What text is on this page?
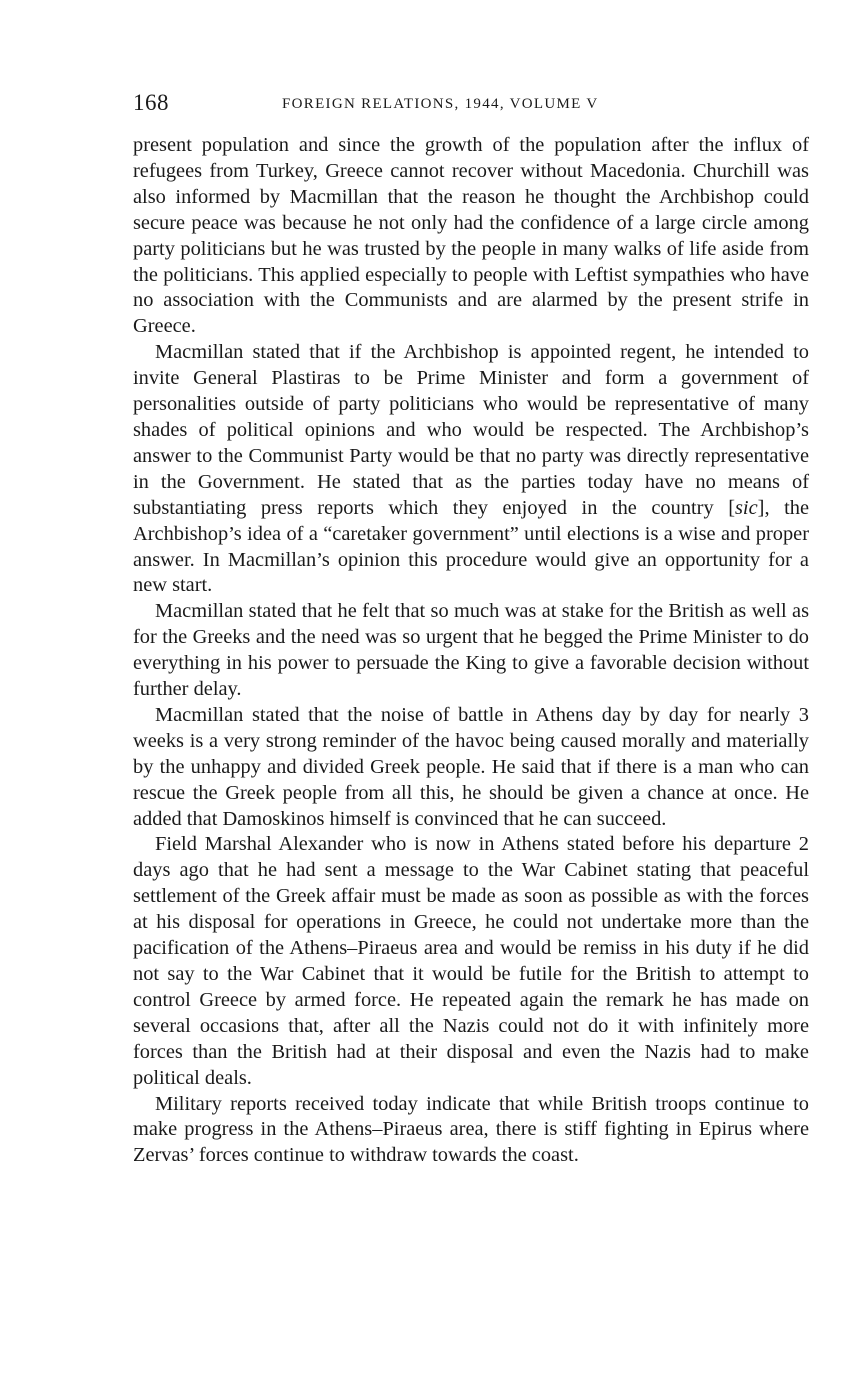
168	FOREIGN RELATIONS, 1944, VOLUME V

present population and since the growth of the population after the influx of refugees from Turkey, Greece cannot recover without Macedonia. Churchill was also informed by Macmillan that the reason he thought the Archbishop could secure peace was because he not only had the confidence of a large circle among party politicians but he was trusted by the people in many walks of life aside from the politicians. This applied especially to people with Leftist sympathies who have no association with the Communists and are alarmed by the present strife in Greece.

Macmillan stated that if the Archbishop is appointed regent, he intended to invite General Plastiras to be Prime Minister and form a government of personalities outside of party politicians who would be representative of many shades of political opinions and who would be respected. The Archbishop’s answer to the Communist Party would be that no party was directly representative in the Government. He stated that as the parties today have no means of substantiating press reports which they enjoyed in the country [sic], the Archbishop’s idea of a “caretaker government” until elections is a wise and proper answer. In Macmillan’s opinion this procedure would give an opportunity for a new start.

Macmillan stated that he felt that so much was at stake for the British as well as for the Greeks and the need was so urgent that he begged the Prime Minister to do everything in his power to persuade the King to give a favorable decision without further delay.

Macmillan stated that the noise of battle in Athens day by day for nearly 3 weeks is a very strong reminder of the havoc being caused morally and materially by the unhappy and divided Greek people. He said that if there is a man who can rescue the Greek people from all this, he should be given a chance at once. He added that Damoskinos himself is convinced that he can succeed.

Field Marshal Alexander who is now in Athens stated before his departure 2 days ago that he had sent a message to the War Cabinet stating that peaceful settlement of the Greek affair must be made as soon as possible as with the forces at his disposal for operations in Greece, he could not undertake more than the pacification of the Athens–Piraeus area and would be remiss in his duty if he did not say to the War Cabinet that it would be futile for the British to attempt to control Greece by armed force. He repeated again the remark he has made on several occasions that, after all the Nazis could not do it with infinitely more forces than the British had at their disposal and even the Nazis had to make political deals.

Military reports received today indicate that while British troops continue to make progress in the Athens–Piraeus area, there is stiff fighting in Epirus where Zervas’ forces continue to withdraw towards the coast.
